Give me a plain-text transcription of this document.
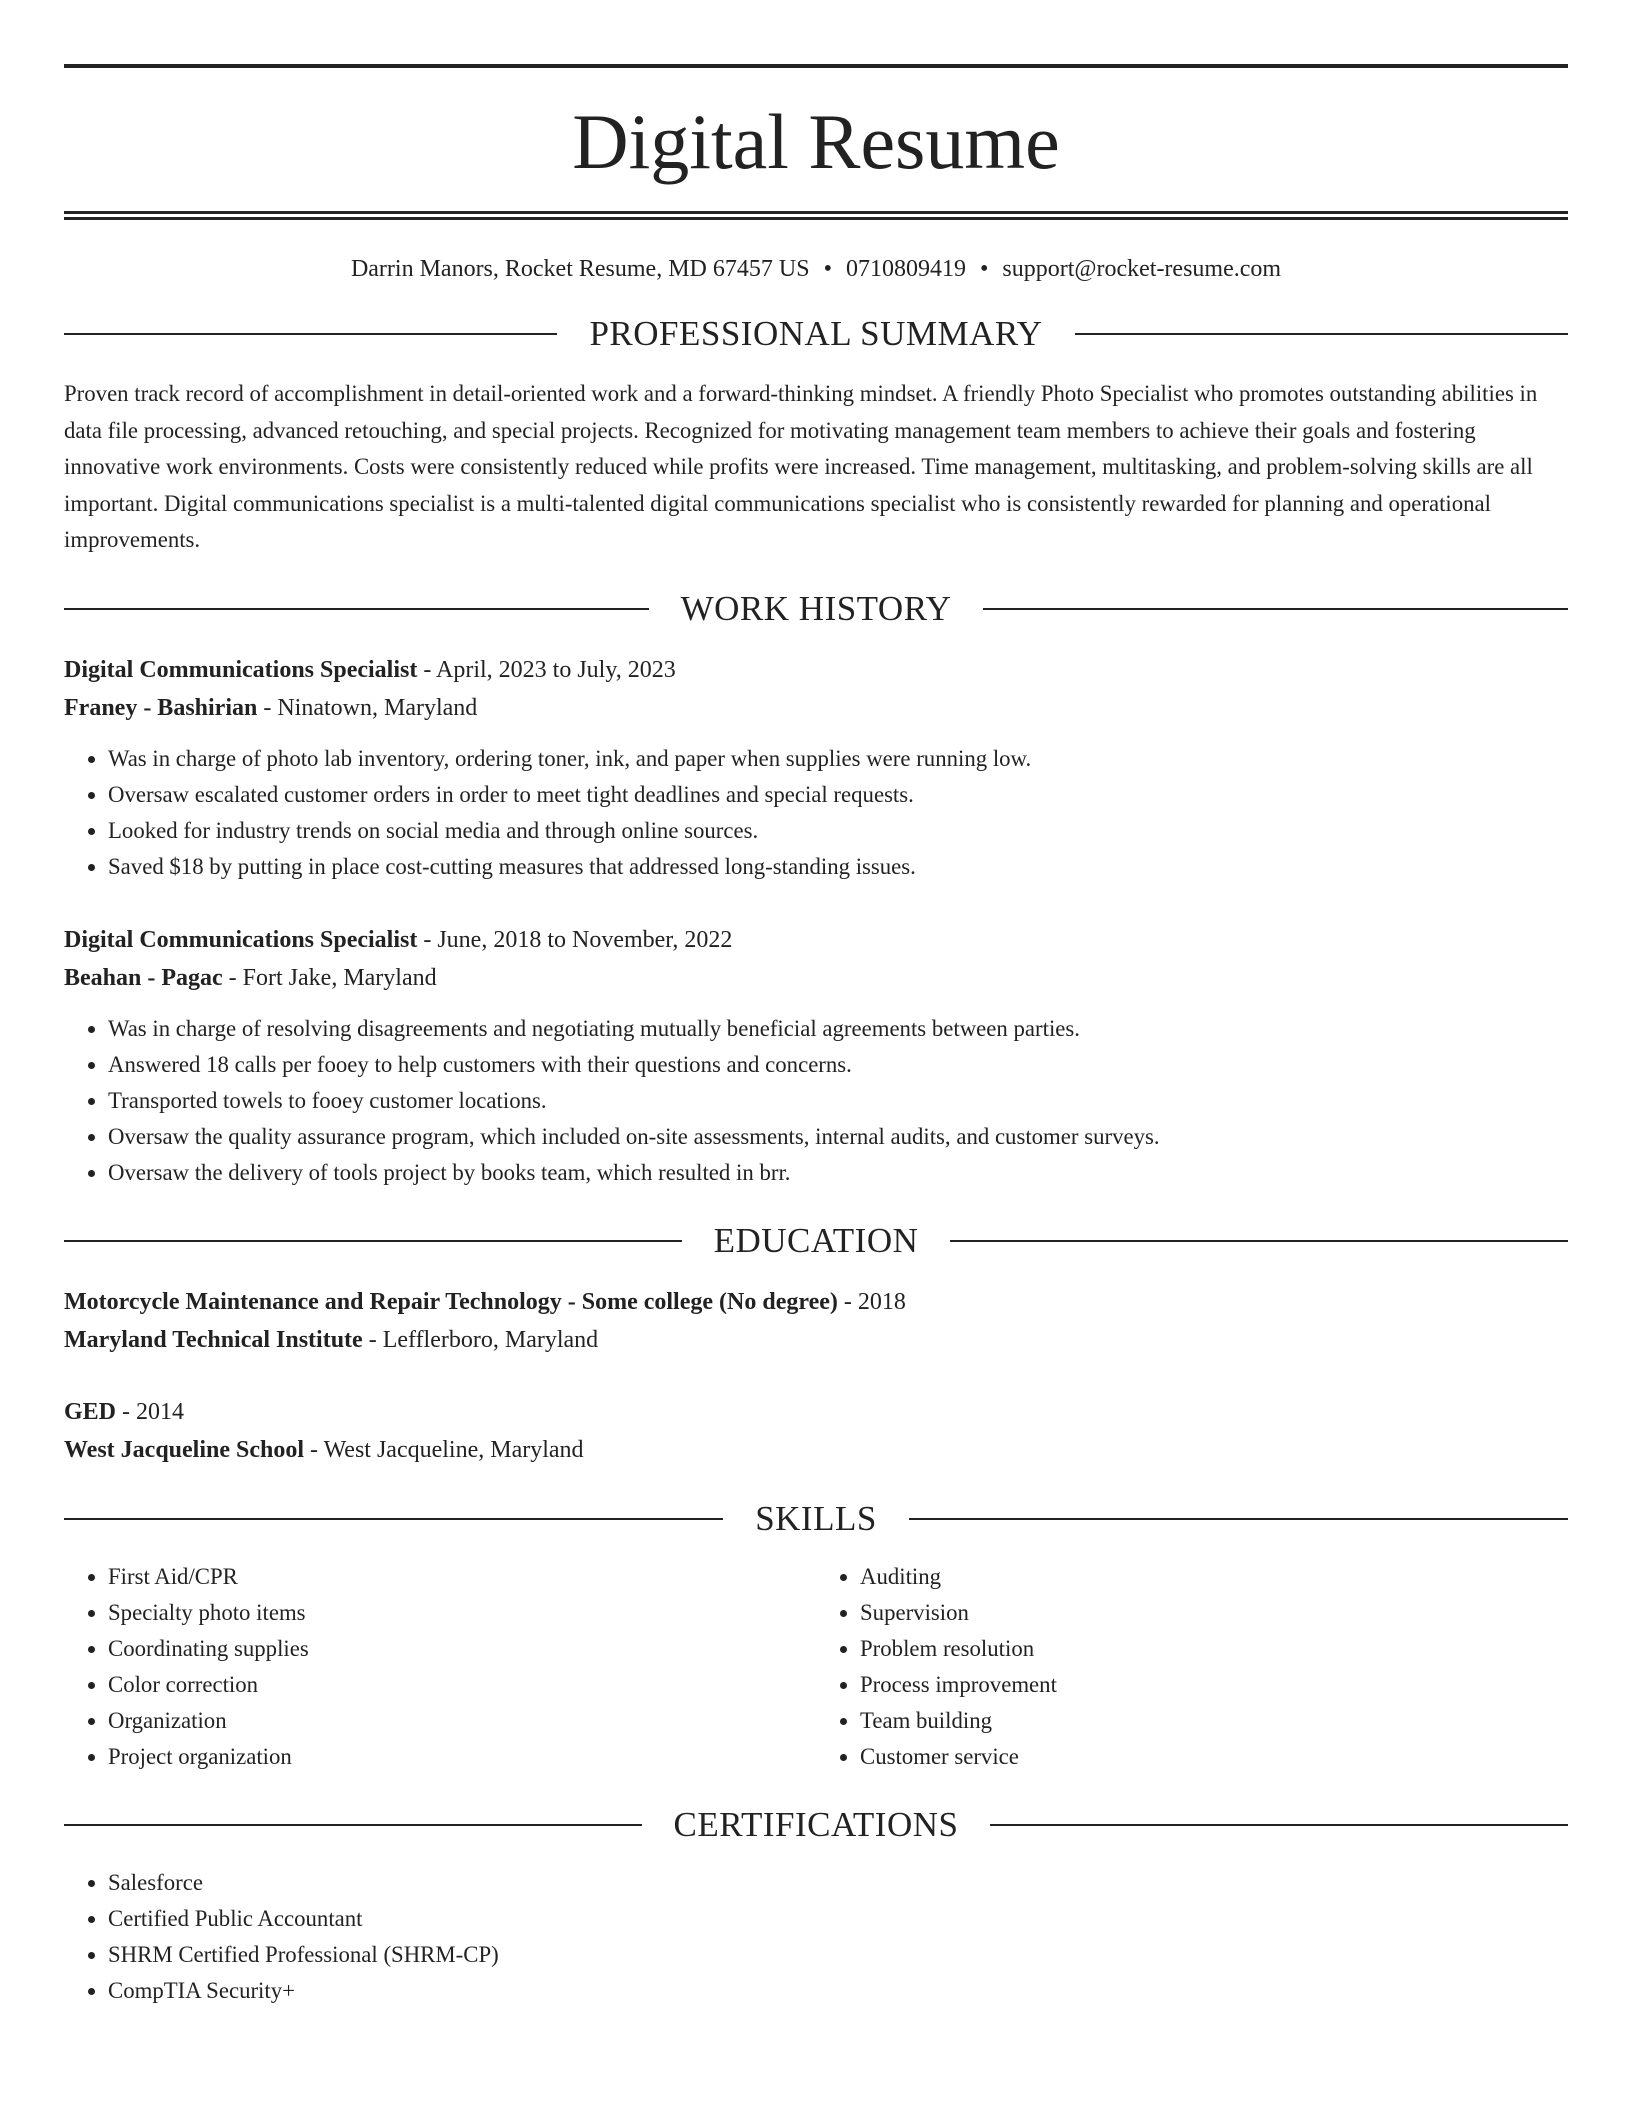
Digital Resume
Darrin Manors, Rocket Resume, MD 67457 US • 0710809419 • support@rocket-resume.com
PROFESSIONAL SUMMARY
Proven track record of accomplishment in detail-oriented work and a forward-thinking mindset. A friendly Photo Specialist who promotes outstanding abilities in data file processing, advanced retouching, and special projects. Recognized for motivating management team members to achieve their goals and fostering innovative work environments. Costs were consistently reduced while profits were increased. Time management, multitasking, and problem-solving skills are all important. Digital communications specialist is a multi-talented digital communications specialist who is consistently rewarded for planning and operational improvements.
WORK HISTORY
Digital Communications Specialist - April, 2023 to July, 2023
Franey - Bashirian - Ninatown, Maryland
• Was in charge of photo lab inventory, ordering toner, ink, and paper when supplies were running low.
• Oversaw escalated customer orders in order to meet tight deadlines and special requests.
• Looked for industry trends on social media and through online sources.
• Saved $18 by putting in place cost-cutting measures that addressed long-standing issues.
Digital Communications Specialist - June, 2018 to November, 2022
Beahan - Pagac - Fort Jake, Maryland
• Was in charge of resolving disagreements and negotiating mutually beneficial agreements between parties.
• Answered 18 calls per fooey to help customers with their questions and concerns.
• Transported towels to fooey customer locations.
• Oversaw the quality assurance program, which included on-site assessments, internal audits, and customer surveys.
• Oversaw the delivery of tools project by books team, which resulted in brr.
EDUCATION
Motorcycle Maintenance and Repair Technology - Some college (No degree) - 2018
Maryland Technical Institute - Lefflerboro, Maryland
GED - 2014
West Jacqueline School - West Jacqueline, Maryland
SKILLS
• First Aid/CPR
• Specialty photo items
• Coordinating supplies
• Color correction
• Organization
• Project organization
• Auditing
• Supervision
• Problem resolution
• Process improvement
• Team building
• Customer service
CERTIFICATIONS
• Salesforce
• Certified Public Accountant
• SHRM Certified Professional (SHRM-CP)
• CompTIA Security+
